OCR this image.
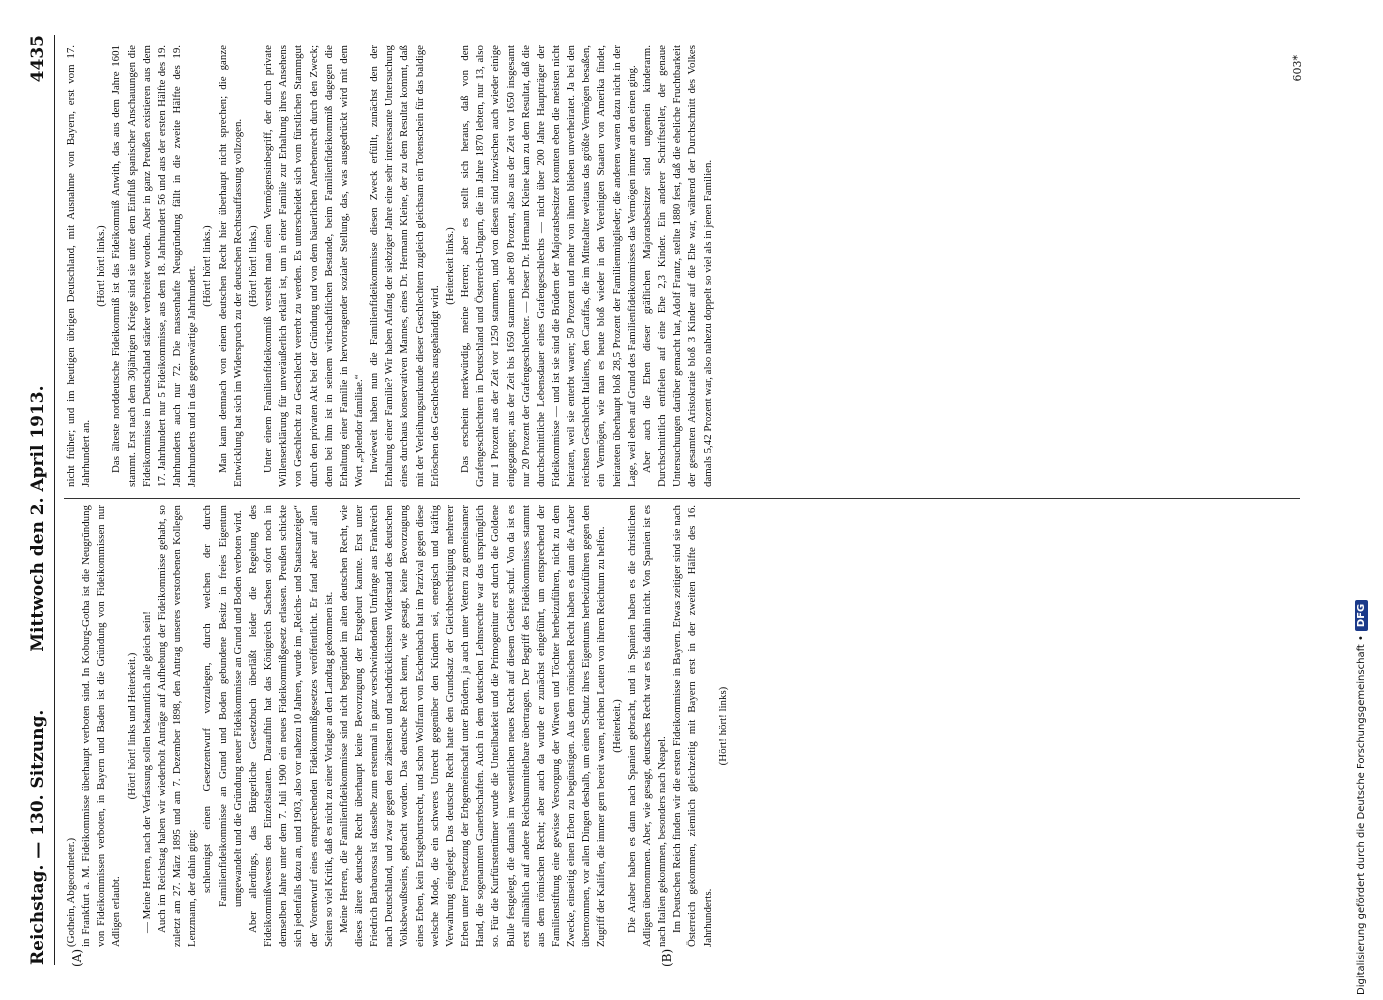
Reichstag. — 130. Sitzung.
Mittwoch den 2. April 1913.
4435
(A)	(B)

(Gothein, Abgeordneter.) in Frankfurt a. M. Fideikommisse überhaupt verboten sind. In Koburg-Gotha ist die Neugründung von Fideikommissen verboten, in Bayern und Baden ist die Gründung von Fideikommissen nur Adligen erlaubt.

(Hört! hört! links und Heiterkeit.) — Meine Herren, nach der Verfassung sollen bekanntlich alle gleich sein! Auch im Reichstag haben wir wiederholt Anträge auf Aufhebung der Fideikommisse gehabt, so zuletzt am 27. März 1895 und am 7. Dezember 1898, den Antrag unseres verstorbenen Kollegen Lenzmann, der dahin ging: schleunigst einen Gesetzentwurf vorzulegen, durch welchen der durch Familienfideikommisse an Grund und Boden gebundene Besitz in freies Eigentum umgewandelt und die Gründung neuer Fideikommisse an Grund und Boden verboten wird. Aber allerdings, das Bürgerliche Gesetzbuch überläßt leider die Regelung des Fideikommißwesens den Einzelstaaten. Daraufhin hat das Königreich Sachsen sofort noch in demselben Jahre unter dem 7. Juli 1900 ein neues Fideikommißgesetz erlassen. Preußen schickte sich jedenfalls dazu an, und 1903, also vor nahezu 10 Jahren, wurde im „Reichs- und Staatsanzeiger“ der Vorentwurf eines entsprechenden Fideikommißgesetzes veröffentlicht. Er fand aber auf allen Seiten so viel Kritik, daß es nicht zu einer Vorlage an den Landtag gekommen ist. Meine Herren, die Familienfideikommisse sind nicht begründet im alten deutschen Recht, wie dieses ältere deutsche Recht überhaupt keine Bevorzugung der Erstgeburt kannte. Erst unter Friedrich Barbarossa ist dasselbe zum erstenmal in ganz verschwindendem Umfange aus Frankreich nach Deutschland, und zwar gegen den zähesten und nachdrücklichsten Widerstand des deutschen Volksbewußtseins, gebracht worden. Das deutsche Recht kennt, wie gesagt, keine Bevorzugung eines Erben, kein Erstgeburtsrecht, und schon Wolfram von Eschenbach hat im Parzival gegen diese welsche Mode, die ein schweres Unrecht gegenüber den Kindern sei, energisch und kräftig Verwahrung eingelegt. Das deutsche Recht hatte den Grundsatz der Gleichberechtigung mehrerer Erben unter Fortsetzung der Erbgemeinschaft unter Brüdern, ja auch unter Vettern zu gemeinsamer Hand, die sogenannten Ganerbschaften. Auch in dem deutschen Lehnsrechte war das ursprünglich so. Für die Kurfürstentümer wurde die Unteilbarkeit und die Primogenitur erst durch die Goldene Bulle festgelegt, die damals im wesentlichen neues Recht auf diesem Gebiete schuf. Von da ist es erst allmählich auf andere Reichsunmittelbare übertragen. Der Begriff des Fideikommisses stammt aus dem römischen Recht; aber auch da wurde er zunächst eingeführt, um entsprechend der Familienstiftung eine gewisse Versorgung der Witwen und Töchter herbeizuführen, nicht zu dem Zwecke, einseitig einen Erben zu begünstigen. Aus dem römischen Recht haben es dann die Araber übernommen, vor allen Dingen deshalb, um einen Schutz ihres Eigentums herbeizuführen gegen den Zugriff der Kalifen, die immer gern bereit waren, reichen Leuten von ihrem Reichtum zu helfen. (Heiterkeit.) Die Araber haben es dann nach Spanien gebracht, und in Spanien haben es die christlichen Adligen übernommen. Aber, wie gesagt, deutsches Recht war es bis dahin nicht. Von Spanien ist es nach Italien gekommen, besonders nach Neapel. Im Deutschen Reich finden wir die ersten Fideikommisse in Bayern. Etwas zeitiger sind sie nach Österreich gekommen, ziemlich gleichzeitig mit Bayern erst in der zweiten Hälfte des 16. Jahrhunderts.

(Hört! hört! links)

nicht früher; und im heutigen übrigen Deutschland, mit Ausnahme von Bayern, erst vom 17. Jahrhundert an.

(Hört! hört! links.) Das älteste norddeutsche Fideikommiß ist das Fideikommiß Anwith, das aus dem Jahre 1601 stammt. Erst nach dem 30jährigen Kriege sind sie unter dem Einfluß spanischer Anschauungen die Fideikommisse in Deutschland stärker verbreitet worden. Aber in ganz Preußen existieren aus dem 17. Jahrhundert nur 5 Fideikommisse, aus dem 18. Jahrhundert 56 und aus der ersten Hälfte des 19. Jahrhunderts auch nur 72. Die massenhafte Neugründung fällt in die zweite Hälfte des 19. Jahrhunderts und in das gegenwärtige Jahrhundert. (Hört! hört! links.) Man kann demnach von einem deutschen Recht hier überhaupt nicht sprechen; die ganze Entwicklung hat sich im Widerspruch zu der deutschen Rechtsauffassung vollzogen. (Hört! hört! links.) Unter einem Familienfideikommiß versteht man einen Vermögensinbegriff, der durch private Willenserklärung für unveräußerlich erklärt ist, um in einer Familie zur Erhaltung ihres Ansehens von Geschlecht zu Geschlecht vererbt zu werden. Es unterscheidet sich vom fürstlichen Stammgut durch den privaten Akt bei der Gründung und von dem bäuerlichen Anerbenrecht durch den Zweck; denn bei ihm ist in seinem wirtschaftlichen Bestande, beim Familienfideikommiß dagegen die Erhaltung einer Familie in hervorragender sozialer Stellung, das, was ausgedrückt wird mit dem Wort „splendor familiae.“ Inwieweit haben nun die Familienfideikommisse diesen Zweck erfüllt, zunächst den der Erhaltung einer Familie? Wir haben Anfang der siebziger Jahre eine sehr interessante Untersuchung eines durchaus konservativen Mannes, eines Dr. Hermann Kleine, der zu dem Resultat kommt, daß mit der Verleihungsurkunde dieser Geschlechtern zugleich gleichsam ein Totenschein für das baldige Erlöschen des Geschlechts ausgehändigt wird.

(Heiterkeit links.) Das erscheint merkwürdig, meine Herren; aber es stellt sich heraus, daß von den Grafengeschlechtern in Deutschland und Österreich-Ungarn, die im Jahre 1870 lebten, nur 13, also nur 1 Prozent aus der Zeit vor 1250 stammen, und von diesen sind inzwischen auch wieder einige eingegangen; aus der Zeit bis 1650 stammen aber 80 Prozent, also aus der Zeit vor 1650 insgesamt nur 20 Prozent der Grafengeschlechter. — Dieser Dr. Hermann Kleine kam zu dem Resultat, daß die durchschnittliche Lebensdauer eines Grafengeschlechts — nicht über 200 Jahre Hauptträger der Fideikommisse — und ist sie sind die Brüdern der Majoratsbesitzer konnten eben die meisten nicht heiraten, weil sie enterbt waren; 50 Prozent und mehr von ihnen blieben unverheiratet. Ja bei den reichsten Geschlecht Italiens, den Caraffas, die im Mittelalter weitaus das größte Vermögen besaßen, ein Vermögen, wie man es heute bloß wieder in den Vereinigten Staaten von Amerika findet, heirateten überhaupt bloß 28,5 Prozent der Familienmitglieder; die anderen waren dazu nicht in der Lage, weil eben auf Grund des Familienfideikommisses das Vermögen immer an den einen ging. Aber auch die Ehen dieser gräflichen Majoratsbesitzer sind ungemein kinderarm. Durchschnittlich entfielen auf eine Ehe 2,3 Kinder. Ein anderer Schriftsteller, der genaue Untersuchungen darüber gemacht hat, Adolf Frantz, stellte 1880 fest, daß die eheliche Fruchtbarkeit der gesamten Aristokratie bloß 3 Kinder auf die Ehe war, während der Durchschnitt des Volkes damals 5,42 Prozent war, also nahezu doppelt so viel als in jenen Familien.

603*
Digitalisierung gefördert durch die Deutsche Forschungsgemeinschaft •
DFG
